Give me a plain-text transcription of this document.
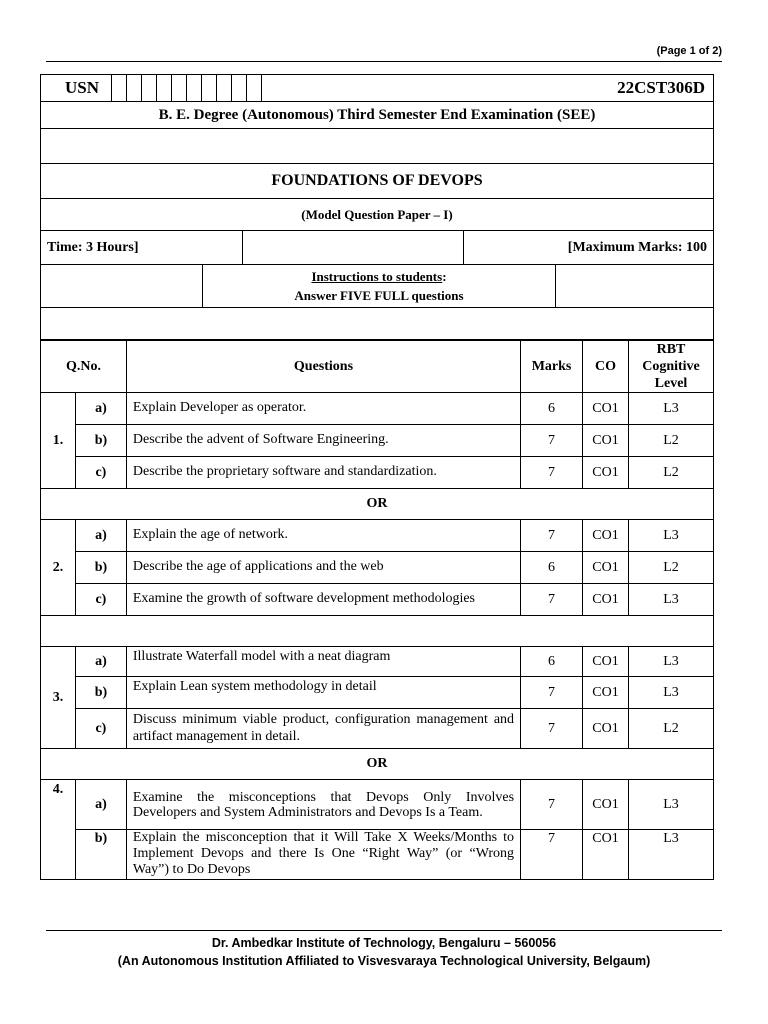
(Page 1 of 2)
USN											22CST306D

B. E. Degree (Autonomous) Third Semester End Examination (SEE)

FOUNDATIONS OF DEVOPS
(Model Question Paper – I)

Time: 3 Hours]		[Maximum Marks: 100

	Instructions to students:
Answer FIVE FULL questions	

Q.No.		Questions	Marks	CO	RBT Cognitive Level
1.	a)	Explain Developer as operator.	6	CO1	L3
	b)	Describe the advent of Software Engineering.	7	CO1	L2
	c)	Describe the proprietary software and standardization.	7	CO1	L2
OR					
2.	a)	Explain the age of network.	7	CO1	L3
	b)	Describe the age of applications and the web	6	CO1	L2
	c)	Examine the growth of software development methodologies	7	CO1	L3

3.	a)	Illustrate Waterfall model with a neat diagram	6	CO1	L3
	b)	Explain Lean system methodology in detail	7	CO1	L3
	c)	Discuss minimum viable product, configuration management and artifact management in detail.	7	CO1	L2
OR					
4.	a)	Examine the misconceptions that Devops Only Involves Developers and System Administrators and Devops Is a Team.	7	CO1	L3
	b)	Explain the misconception that it Will Take X Weeks/Months to Implement Devops and there Is One “Right Way” (or “Wrong Way”) to Do Devops	7	CO1	L3
Dr. Ambedkar Institute of Technology, Bengaluru – 560056
(An Autonomous Institution Affiliated to Visvesvaraya Technological University, Belgaum)
